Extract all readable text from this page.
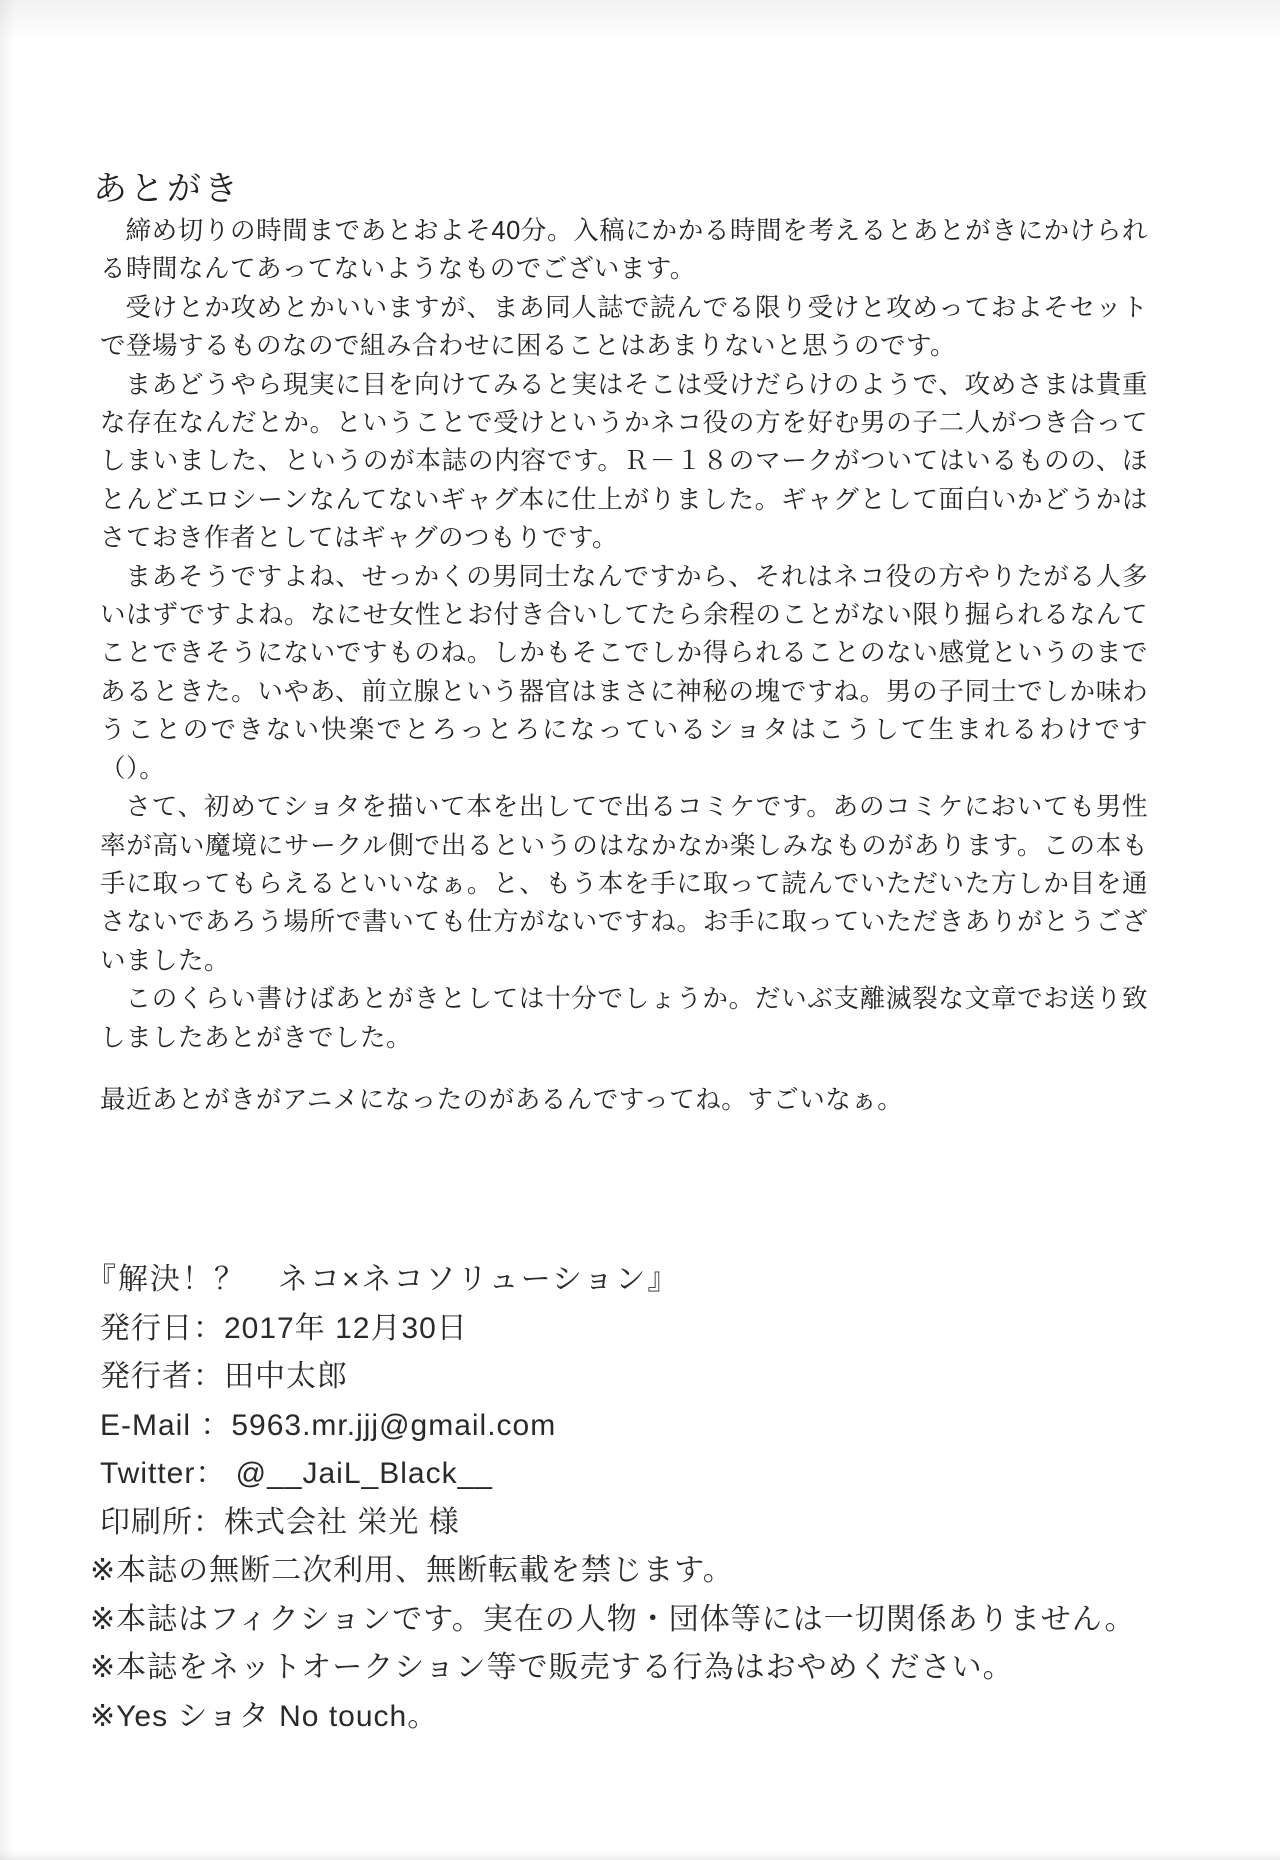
あとがき

締め切りの時間まであとおよそ40分。入稿にかかる時間を考えるとあとがきにかけられる時間なんてあってないようなものでございます。

受けとか攻めとかいいますが、まあ同人誌で読んでる限り受けと攻めっておよそセットで登場するものなので組み合わせに困ることはあまりないと思うのです。

まあどうやら現実に目を向けてみると実はそこは受けだらけのようで、攻めさまは貴重な存在なんだとか。ということで受けというかネコ役の方を好む男の子二人がつき合ってしまいました、というのが本誌の内容です。Ｒ－１８のマークがついてはいるものの、ほとんどエロシーンなんてないギャグ本に仕上がりました。ギャグとして面白いかどうかはさておき作者としてはギャグのつもりです。

まあそうですよね、せっかくの男同士なんですから、それはネコ役の方やりたがる人多いはずですよね。なにせ女性とお付き合いしてたら余程のことがない限り掘られるなんてことできそうにないですものね。しかもそこでしか得られることのない感覚というのまであるときた。いやあ、前立腺という器官はまさに神秘の塊ですね。男の子同士でしか味わうことのできない快楽でとろっとろになっているショタはこうして生まれるわけです（）。

さて、初めてショタを描いて本を出してで出るコミケです。あのコミケにおいても男性率が高い魔境にサークル側で出るというのはなかなか楽しみなものがあります。この本も手に取ってもらえるといいなぁ。と、もう本を手に取って読んでいただいた方しか目を通さないであろう場所で書いても仕方がないですね。お手に取っていただきありがとうございました。

このくらい書けばあとがきとしては十分でしょうか。だいぶ支離滅裂な文章でお送り致しましたあとがきでした。

最近あとがきがアニメになったのがあるんですってね。すごいなぁ。

『解決！？　ネコ×ネコソリューション』
発行日：2017年 12月30日
発行者：田中太郎
E-Mail ：5963.mr.jjj@gmail.com
Twitter： @__JaiL_Black__
印刷所：株式会社 栄光 様
※本誌の無断二次利用、無断転載を禁じます。
※本誌はフィクションです。実在の人物・団体等には一切関係ありません。
※本誌をネットオークション等で販売する行為はおやめください。
※Yes ショタ No touch。
